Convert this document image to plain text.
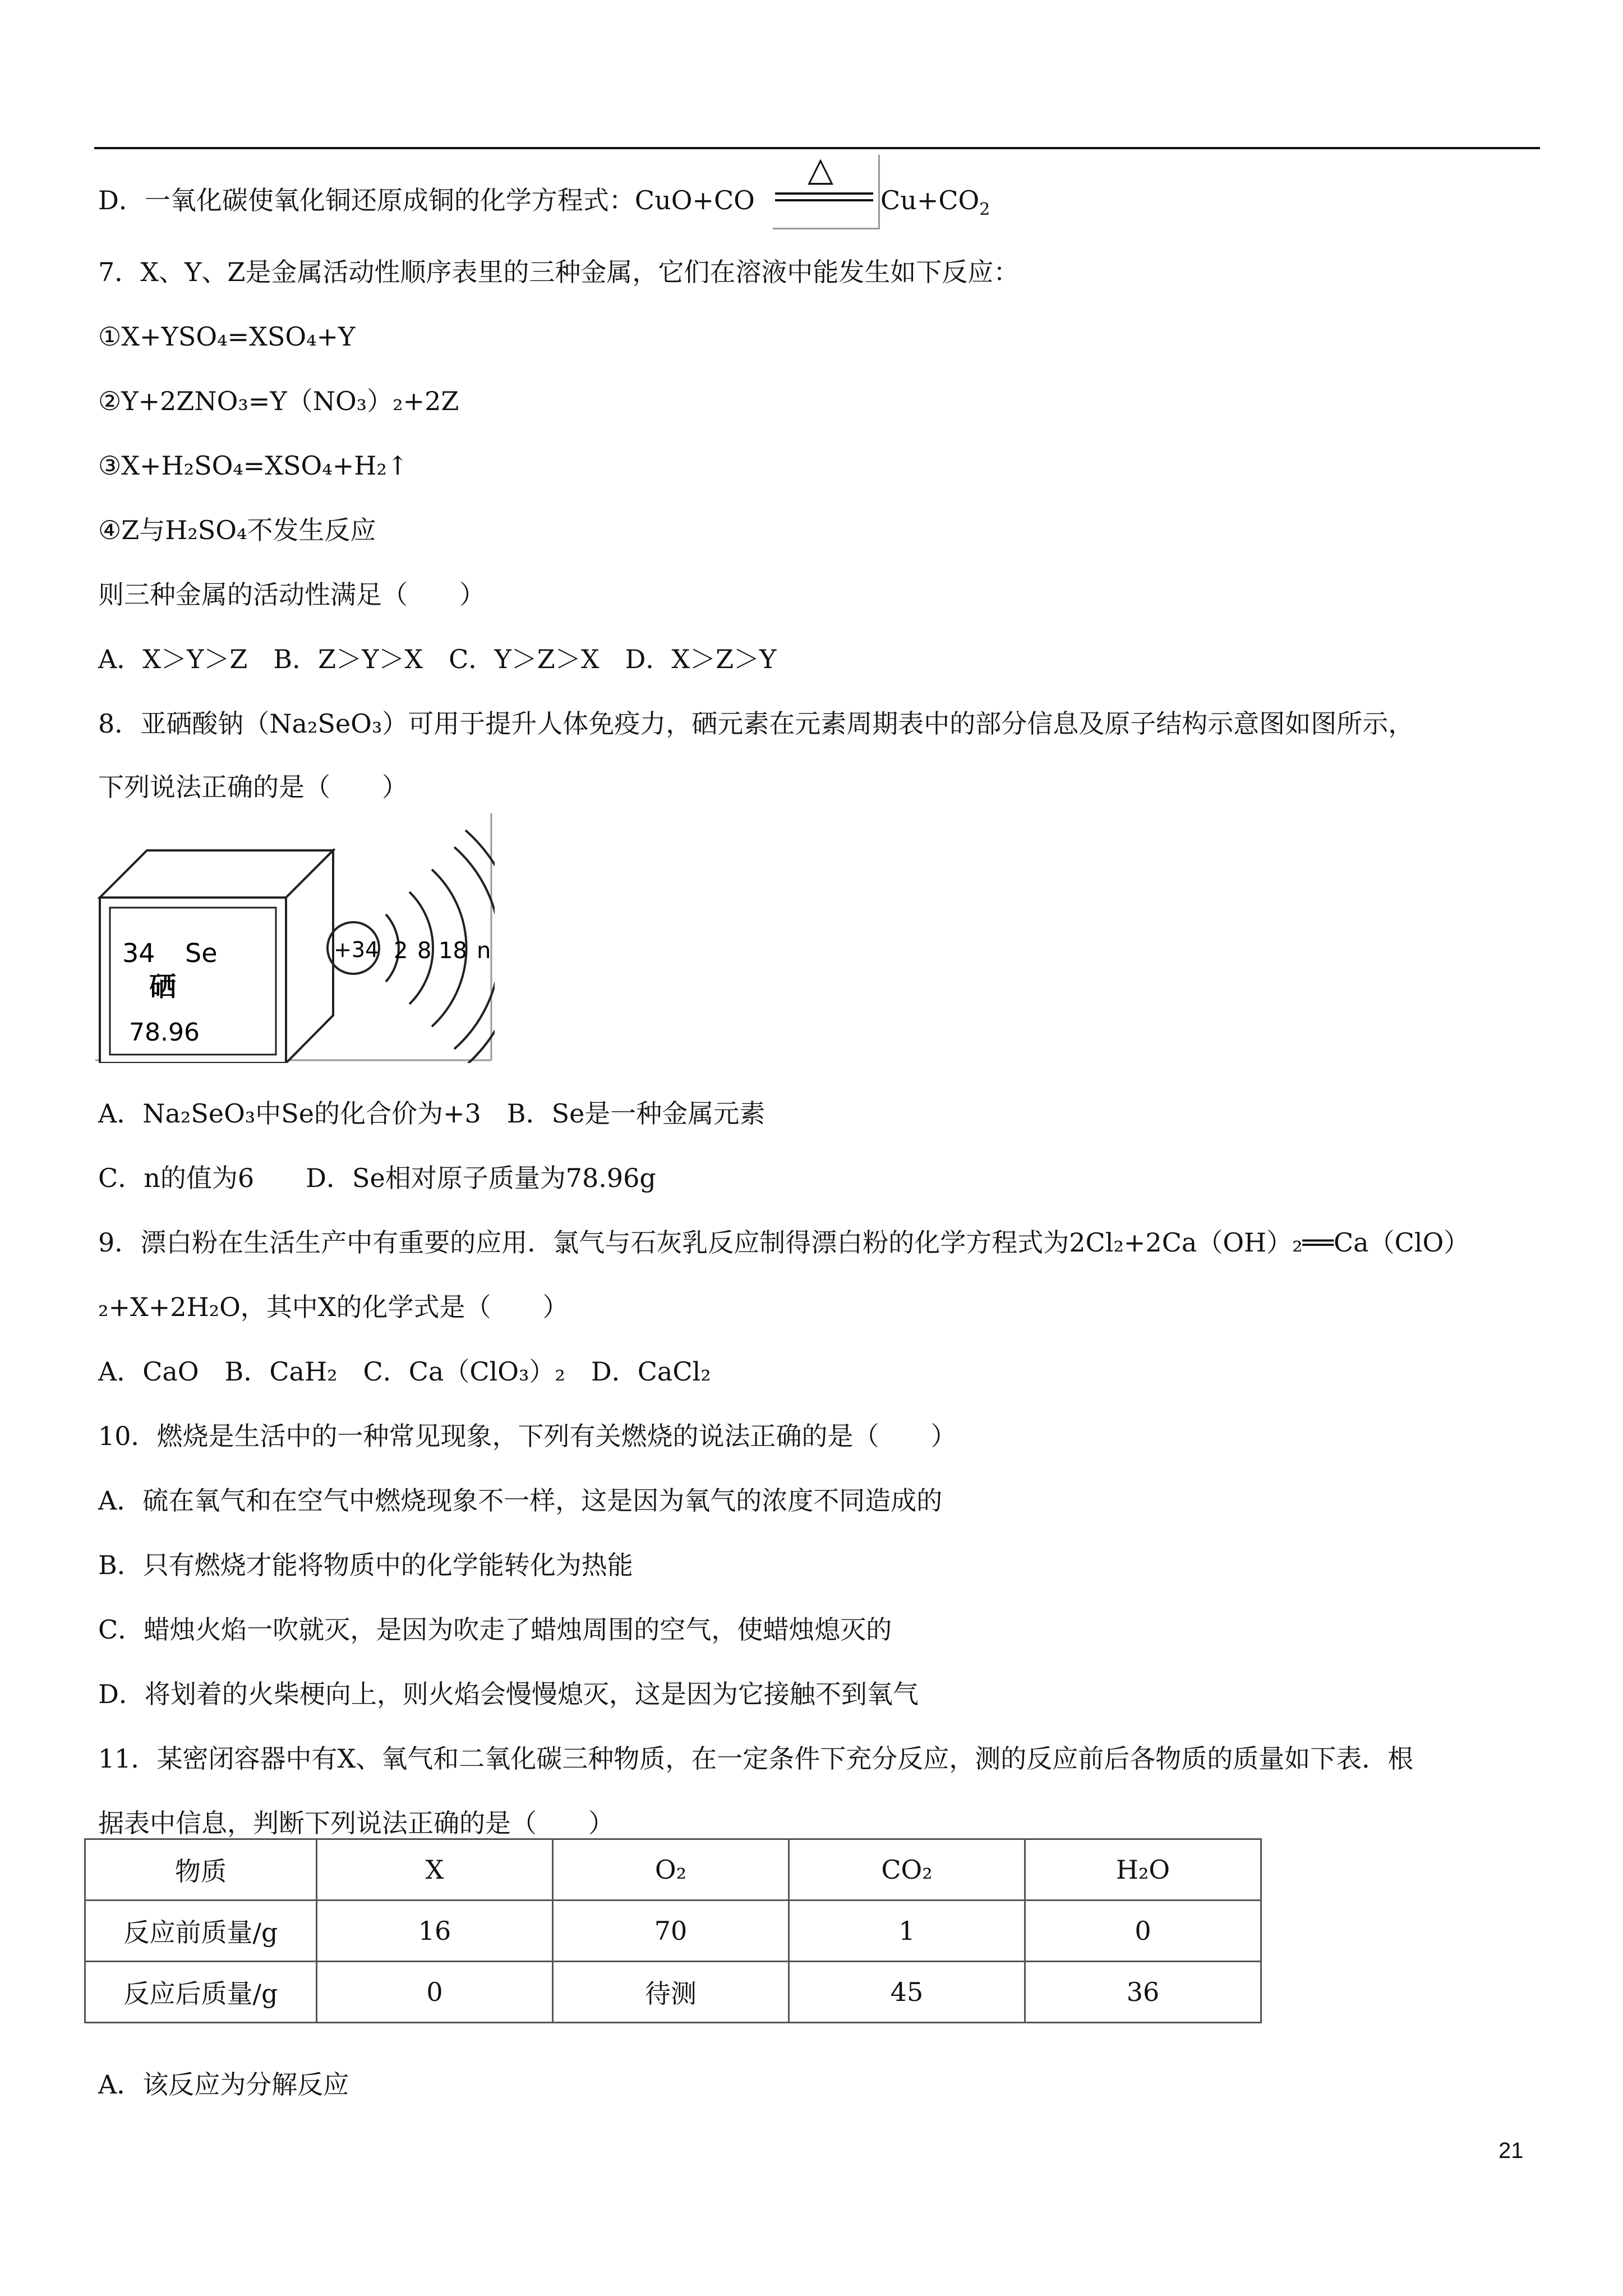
D．一氧化碳使氧化铜还原成铜的化学方程式：CuO+CO
△
$Cu+CO_2$
7．X、Y、Z是金属活动性顺序表里的三种金属，它们在溶液中能发生如下反应：
①X+YSO₄=XSO₄+Y
②Y+2ZNO₃=Y（NO₃）₂+2Z
③X+H₂SO₄=XSO₄+H₂↑
④Z与H₂SO₄不发生反应
则三种金属的活动性满足（　　）
A．X＞Y＞Z　B．Z＞Y＞X　C．Y＞Z＞X　D．X＞Z＞Y
8．亚硒酸钠（Na₂SeO₃）可用于提升人体免疫力，硒元素在元素周期表中的部分信息及原子结构示意图如图所示，
下列说法正确的是（　　）
34 Se
硒
78.96
+34 2 8 18 n
A．Na₂SeO₃中Se的化合价为+3　B．Se是一种金属元素
C．n的值为6　　D．Se相对原子质量为78.96g
9．漂白粉在生活生产中有重要的应用．氯气与石灰乳反应制得漂白粉的化学方程式为2Cl₂+2Ca（OH）₂══Ca（ClO）
₂+X+2H₂O，其中X的化学式是（　　）
A．CaO　B．CaH₂　C．Ca（ClO₃）₂　D．CaCl₂
10．燃烧是生活中的一种常见现象，下列有关燃烧的说法正确的是（　　）
A．硫在氧气和在空气中燃烧现象不一样，这是因为氧气的浓度不同造成的
B．只有燃烧才能将物质中的化学能转化为热能
C．蜡烛火焰一吹就灭，是因为吹走了蜡烛周围的空气，使蜡烛熄灭的
D．将划着的火柴梗向上，则火焰会慢慢熄灭，这是因为它接触不到氧气
11．某密闭容器中有X、氧气和二氧化碳三种物质，在一定条件下充分反应，测的反应前后各物质的质量如下表．根
据表中信息，判断下列说法正确的是（　　）
物质	X	O₂	CO₂	H₂O
反应前质量/g	16	70	1	0
反应后质量/g	0	待测	45	36
A．该反应为分解反应
21
